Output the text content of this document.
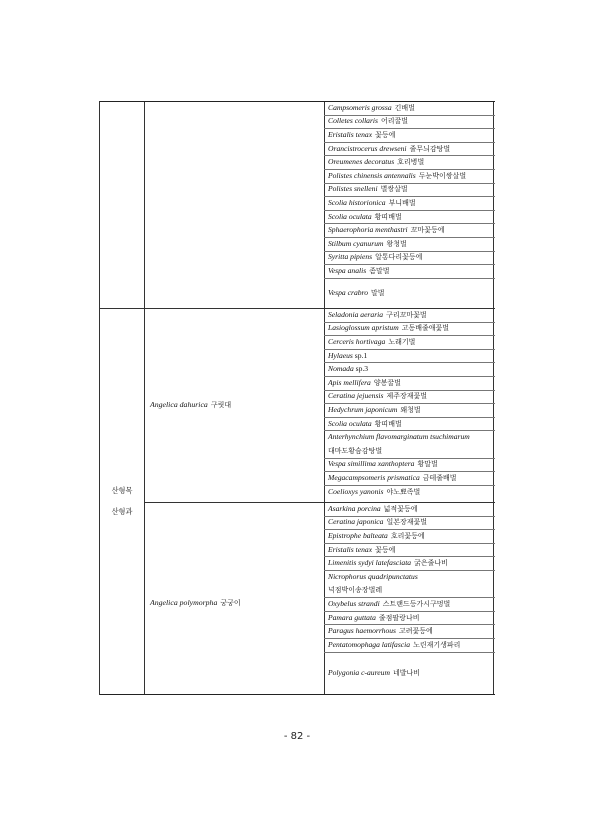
산형목
산형과
Angelica dahurica 구릿대
Angelica polymorpha 궁궁이
Campsomeris grossa 긴배벌
Colletes collaris 어리꿀벌
Eristalis tenax 꽃등에
Orancistrocerus drewseni 줄무늬감탕벌
Oreumenes decoratus 호리병벌
Polistes chinensis antennalis 두눈박이쌍살벌
Polistes snelleni 별쌍살벌
Scolia historionica 부니배벌
Scolia oculata 황띠배벌
Sphaerophoria menthastri 꼬마꽃등에
Stilbum cyanurum 왕청벌
Syritta pipiens 알통다리꽃등에
Vespa analis 좀말벌
Vespa crabro 말벌
Seladonia aeraria 구리꼬마꽃벌
Lasioglossum apristum 고동배줄애꽃벌
Cerceris hortivaga 노래기벌
Hylaeus sp.1
Nomada sp.3
Apis mellifera 양봉꿀벌
Ceratina jejuensis 제주장재꽃벌
Hedychrum japonicum 왜청벌
Scolia oculata 황띠배벌
Anterhynchium flavomarginatum tsuchimarum
대마도황슴감탕벌
Vespa simillima xanthoptera 황말벌
Megacampsomeris prismatica 금테줄배벌
Coelioxys yanonis 야노뾰족벌
Asarkina porcina 넓적꽃등에
Ceratina japonica 일본장재꽃벌
Epistrophe balteata 호리꽃등에
Eristalis tenax 꽃등에
Limenitis sydyi latefasciata 굵은줄나비
Nicrophorus quadripunctatus
넉점박이송장벌레
Oxybelus strandi 스트랜드등가시구멍벌
Pamara guttata 줄점팔랑나비
Paragus haemorrhous 고려꽃등에
Pentatomophaga latifascia 노린재기생파리
Polygonia c-aureum 네발나비
- 82 -
